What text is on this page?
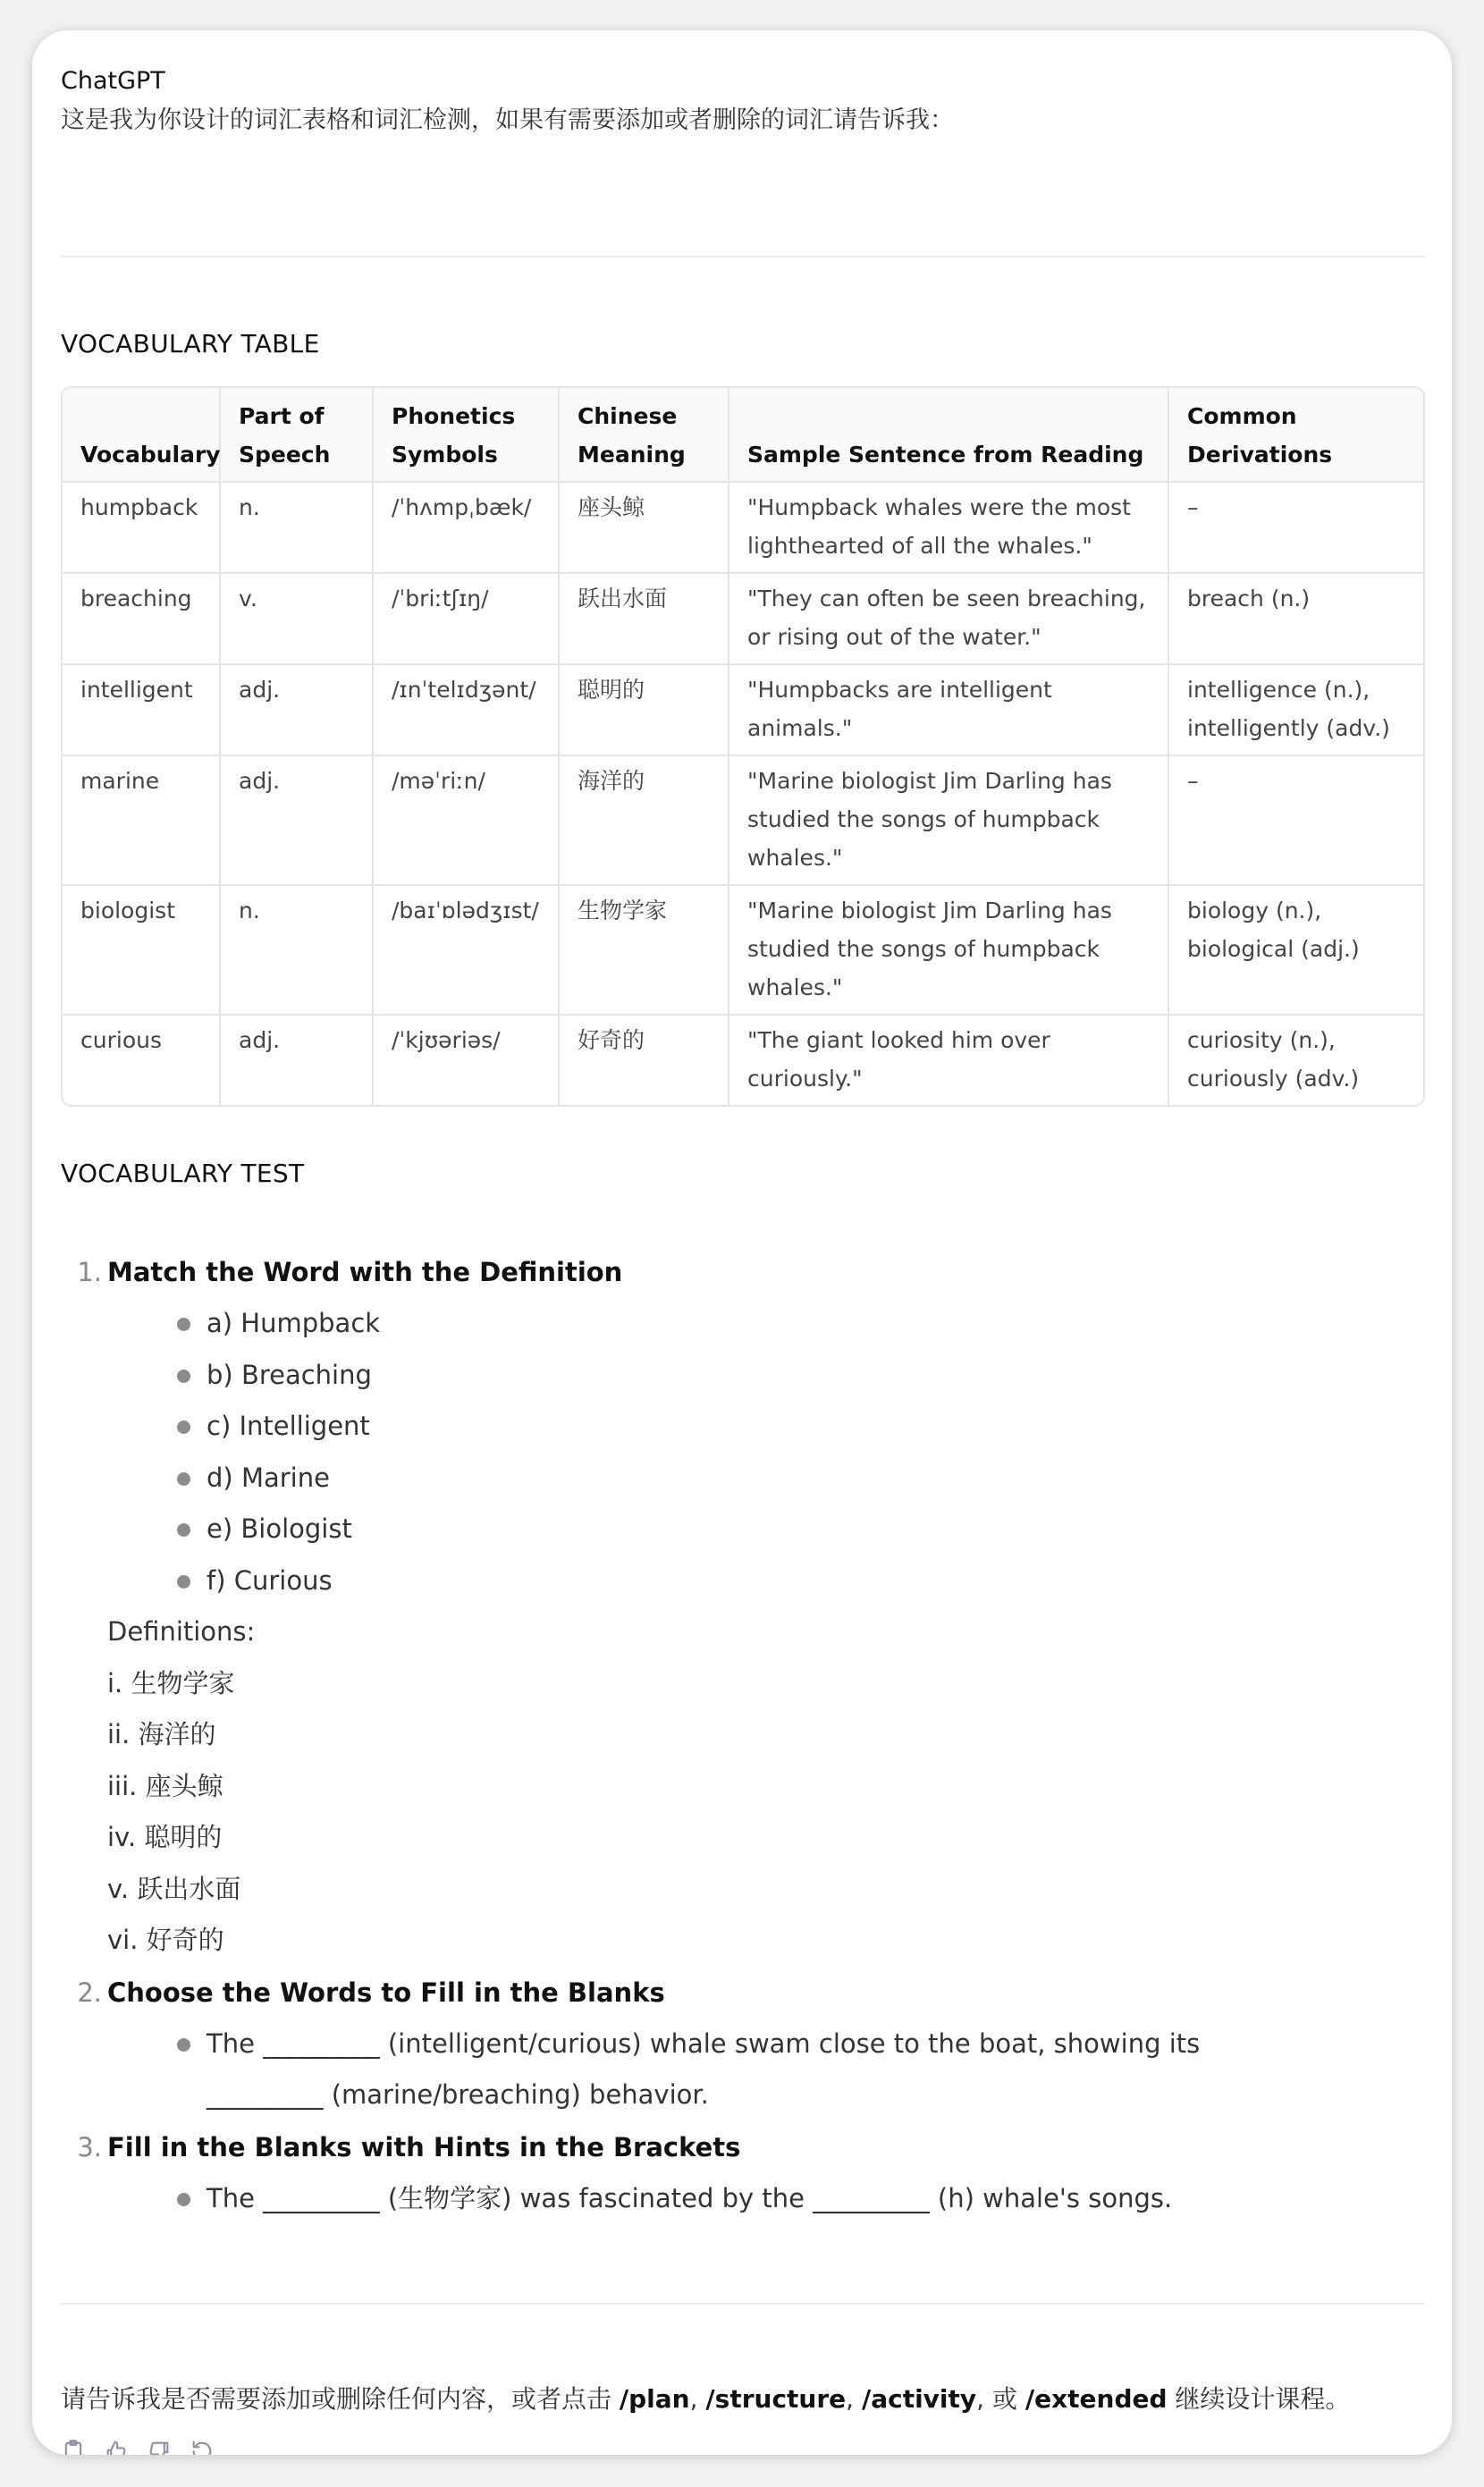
ChatGPT
这是我为你设计的词汇表格和词汇检测，如果有需要添加或者删除的词汇请告诉我：
VOCABULARY TABLE
Vocabulary	Part of Speech	Phonetics Symbols	Chinese Meaning	Sample Sentence from Reading	Common Derivations
humpback	n.	/ˈhʌmpˌbæk/	座头鲸	"Humpback whales were the most lighthearted of all the whales."	–
breaching	v.	/ˈbriːtʃɪŋ/	跃出水面	"They can often be seen breaching, or rising out of the water."	breach (n.)
intelligent	adj.	/ɪnˈtelɪdʒənt/	聪明的	"Humpbacks are intelligent animals."	intelligence (n.), intelligently (adv.)
marine	adj.	/məˈriːn/	海洋的	"Marine biologist Jim Darling has studied the songs of humpback whales."	–
biologist	n.	/baɪˈɒlədʒɪst/	生物学家	"Marine biologist Jim Darling has studied the songs of humpback whales."	biology (n.), biological (adj.)
curious	adj.	/ˈkjʊəriəs/	好奇的	"The giant looked him over curiously."	curiosity (n.), curiously (adv.)
VOCABULARY TEST
1. Match the Word with the Definition
a) Humpback
b) Breaching
c) Intelligent
d) Marine
e) Biologist
f) Curious
Definitions:
i. 生物学家
ii. 海洋的
iii. 座头鲸
iv. 聪明的
v. 跃出水面
vi. 好奇的
2. Choose the Words to Fill in the Blanks
The _________ (intelligent/curious) whale swam close to the boat, showing its _________ (marine/breaching) behavior.
3. Fill in the Blanks with Hints in the Brackets
The _________ (生物学家) was fascinated by the _________ (h) whale's songs.
请告诉我是否需要添加或删除任何内容，或者点击 /plan, /structure, /activity, 或 /extended 继续设计课程。
